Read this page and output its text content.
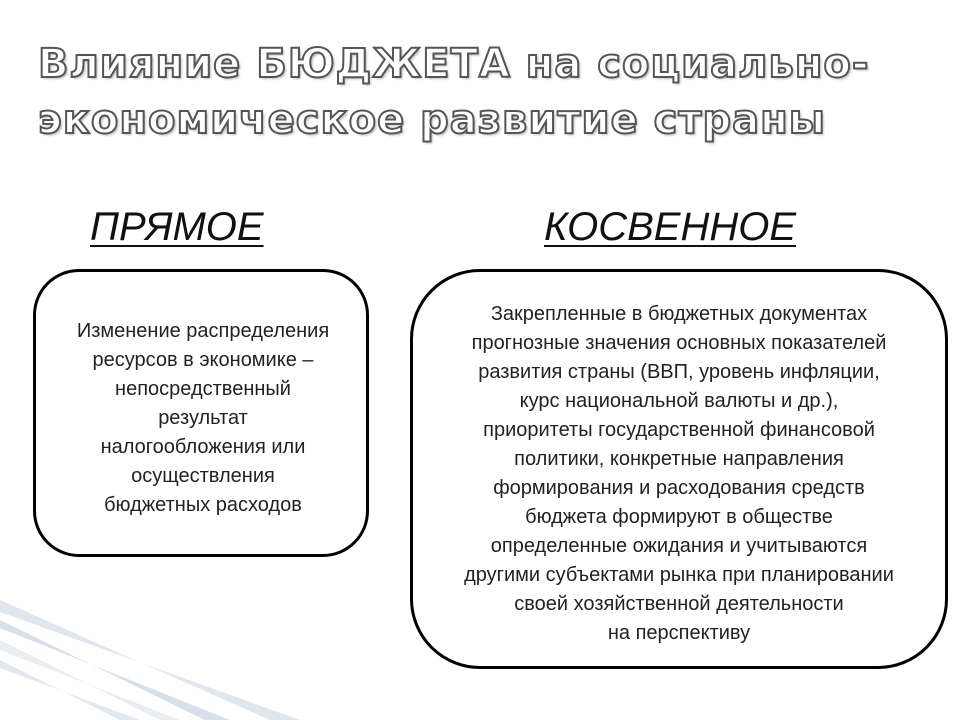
Влияние БЮДЖЕТА на социально-
экономическое развитие страны
ПРЯМОЕ	КОСВЕННОЕ
Изменение распределения
ресурсов в экономике –
непосредственный
результат
налогообложения или
осуществления
бюджетных расходов
Закрепленные в бюджетных документах
прогнозные значения основных показателей
развития страны (ВВП, уровень инфляции,
курс национальной валюты и др.),
приоритеты государственной финансовой
политики, конкретные направления
формирования и расходования средств
бюджета формируют в обществе
определенные ожидания и учитываются
другими субъектами рынка при планировании
своей хозяйственной деятельности
на перспективу
